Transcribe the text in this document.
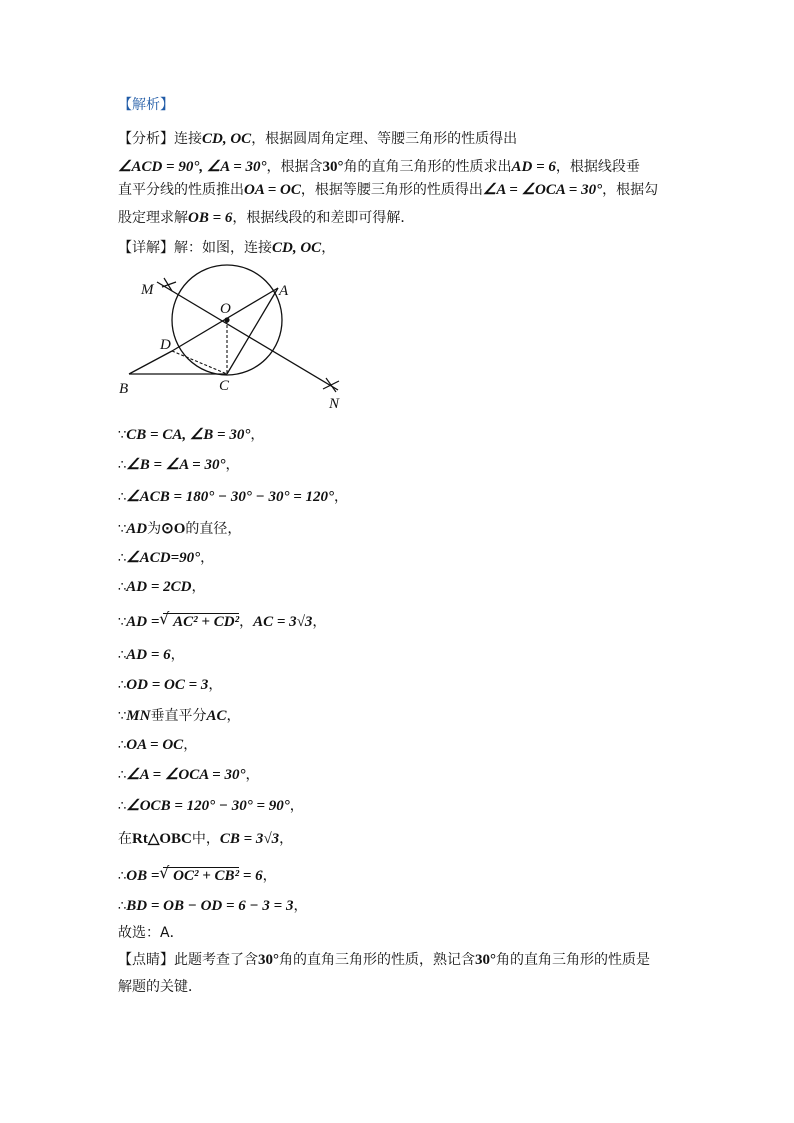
【解析】
【分析】连接CD, OC，根据圆周角定理、等腰三角形的性质得出
∠ACD = 90°, ∠A = 30°，根据含30°角的直角三角形的性质求出AD = 6，根据线段垂
直平分线的性质推出OA = OC，根据等腰三角形的性质得出∠A = ∠OCA = 30°，根据勾
股定理求解OB = 6，根据线段的和差即可得解．
【详解】解：如图，连接CD, OC，
M
O
A
D
B	C
N
∵CB = CA, ∠B = 30°，
∴∠B = ∠A = 30°，
∴∠ACB = 180° − 30° − 30° = 120°，
∵AD为⊙O的直径，
∴∠ACD=90°，
∴AD = 2CD，
∵AD = √ AC² + CD²，AC = 3√3，
∴AD = 6，
∴OD = OC = 3，
∵MN垂直平分AC，
∴OA = OC，
∴∠A = ∠OCA = 30°，
∴∠OCB = 120° − 30° = 90°，
在Rt△OBC中，CB = 3√3，
∴OB = √ OC² + CB² = 6，
∴BD = OB − OD = 6 − 3 = 3，
故选：A．
【点睛】此题考查了含30°角的直角三角形的性质，熟记含30°角的直角三角形的性质是
解题的关键．
